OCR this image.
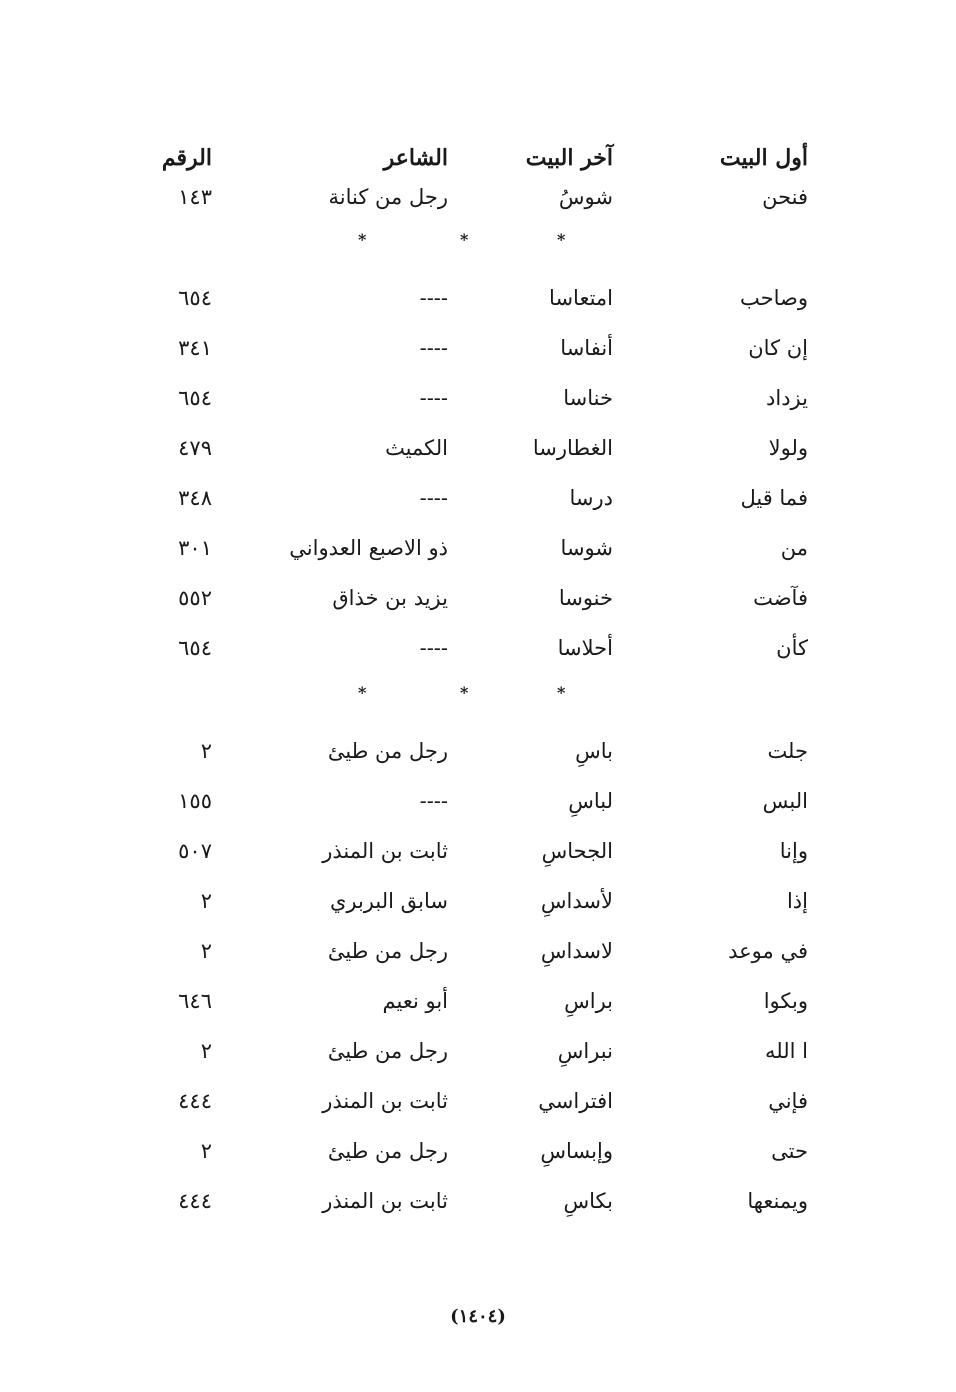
أول البيت
آخر البيت
الشاعر
الرقم
فنحن
شوسُ
رجل من كنانة
١٤٣
*
*
*
وصاحب
امتعاسا
----
٦٥٤
إن كان
أنفاسا
----
٣٤١
يزداد
خناسا
----
٦٥٤
ولولا
الغطارسا
الكميث
٤٧٩
فما قيل
درسا
----
٣٤٨
من
شوسا
ذو الاصبع العدواني
٣٠١
فآضت
خنوسا
يزيد بن خذاق
٥٥٢
كأن
أحلاسا
----
٦٥٤
*
*
*
جلت
باسِ
رجل من طيئ
٢
البس
لباسِ
----
١٥٥
وإنا
الجحاسِ
ثابت بن المنذر
٥٠٧
إذا
لأسداسِ
سابق البربري
٢
في موعد
لاسداسِ
رجل من طيئ
٢
وبكوا
براسِ
أبو نعيم
٦٤٦
ا الله
نبراسِ
رجل من طيئ
٢
فإني
افتراسي
ثابت بن المنذر
٤٤٤
حتى
وإبساسِ
رجل من طيئ
٢
ويمنعها
بكاسِ
ثابت بن المنذر
٤٤٤
(١٤٠٤)
